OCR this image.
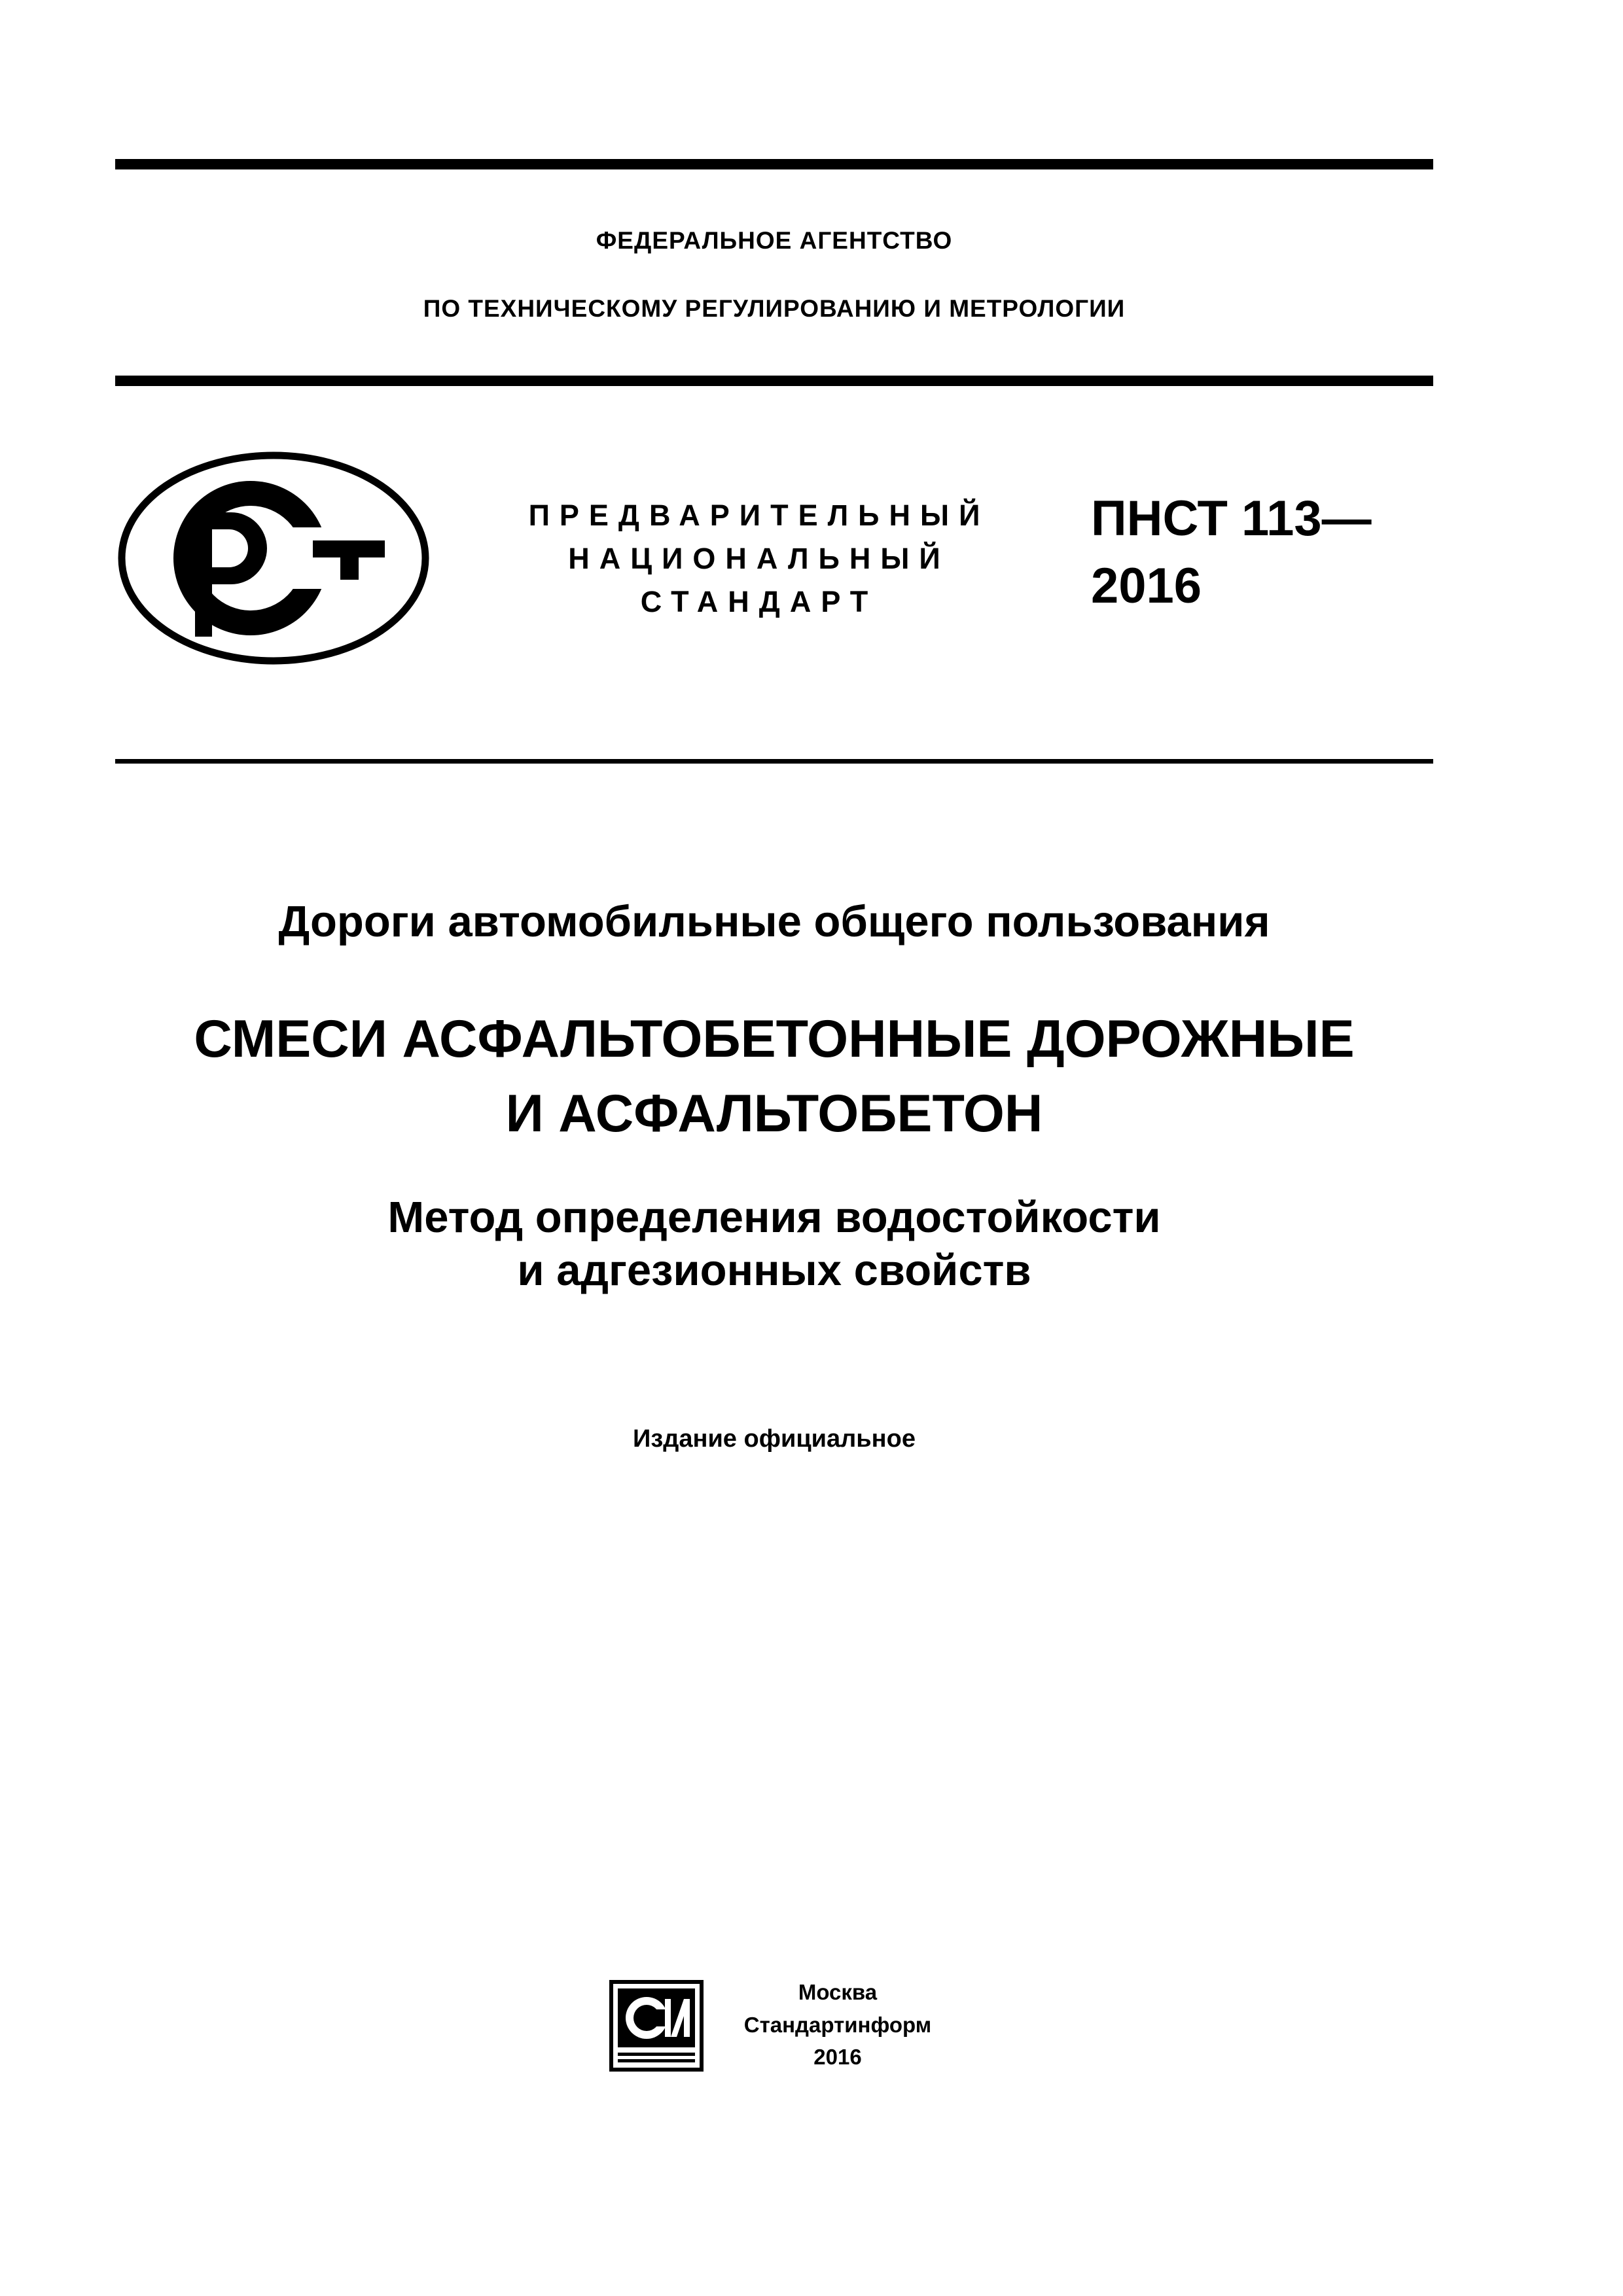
ФЕДЕРАЛЬНОЕ АГЕНТСТВО
ПО ТЕХНИЧЕСКОМУ РЕГУЛИРОВАНИЮ И МЕТРОЛОГИИ
ПРЕДВАРИТЕЛЬНЫЙ
НАЦИОНАЛЬНЫЙ
СТАНДАРТ
ПНСТ 113—
2016
Дороги автомобильные общего пользования
СМЕСИ АСФАЛЬТОБЕТОННЫЕ ДОРОЖНЫЕ
И АСФАЛЬТОБЕТОН
Метод определения водостойкости
и адгезионных свойств
Издание официальное
Москва
Стандартинформ
2016
